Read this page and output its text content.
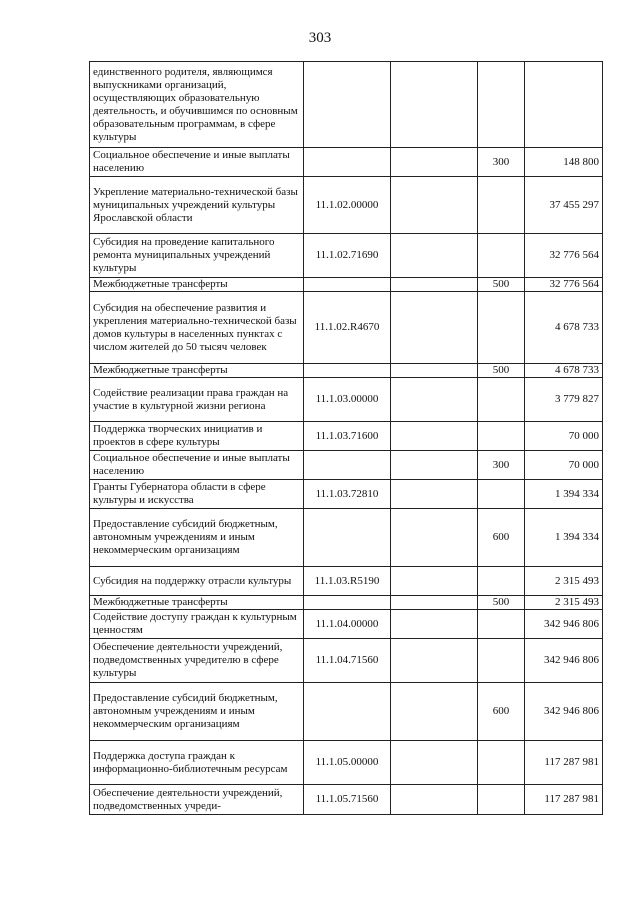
303
единственного родителя, являющимся выпускниками организаций, осуществляющих образовательную деятельность, и обучившимся по основным образовательным программам, в сфере культуры				
Социальное обеспечение и иные выплаты населению			300	148 800
Укрепление материально-технической базы муниципальных учреждений культуры Ярославской области	11.1.02.00000			37 455 297
Субсидия на проведение капитального ремонта муниципальных учреждений культуры	11.1.02.71690			32 776 564
Межбюджетные трансферты			500	32 776 564
Субсидия на обеспечение развития и укрепления материально-технической базы домов культуры в населенных пунктах с числом жителей до 50 тысяч человек	11.1.02.R4670			4 678 733
Межбюджетные трансферты			500	4 678 733
Содействие реализации права граждан на участие в культурной жизни региона	11.1.03.00000			3 779 827
Поддержка творческих инициатив и проектов в сфере культуры	11.1.03.71600			70 000
Социальное обеспечение и иные выплаты населению			300	70 000
Гранты Губернатора области в сфере культуры и искусства	11.1.03.72810			1 394 334
Предоставление субсидий бюджетным, автономным учреждениям и иным некоммерческим организациям			600	1 394 334
Субсидия на поддержку отрасли культуры	11.1.03.R5190			2 315 493
Межбюджетные трансферты			500	2 315 493
Содействие доступу граждан к культурным ценностям	11.1.04.00000			342 946 806
Обеспечение деятельности учреждений, подведомственных учредителю в сфере культуры	11.1.04.71560			342 946 806
Предоставление субсидий бюджетным, автономным учреждениям и иным некоммерческим организациям			600	342 946 806
Поддержка доступа граждан к информационно-библиотечным ресурсам	11.1.05.00000			117 287 981
Обеспечение деятельности учреждений, подведомственных учреди-	11.1.05.71560			117 287 981
